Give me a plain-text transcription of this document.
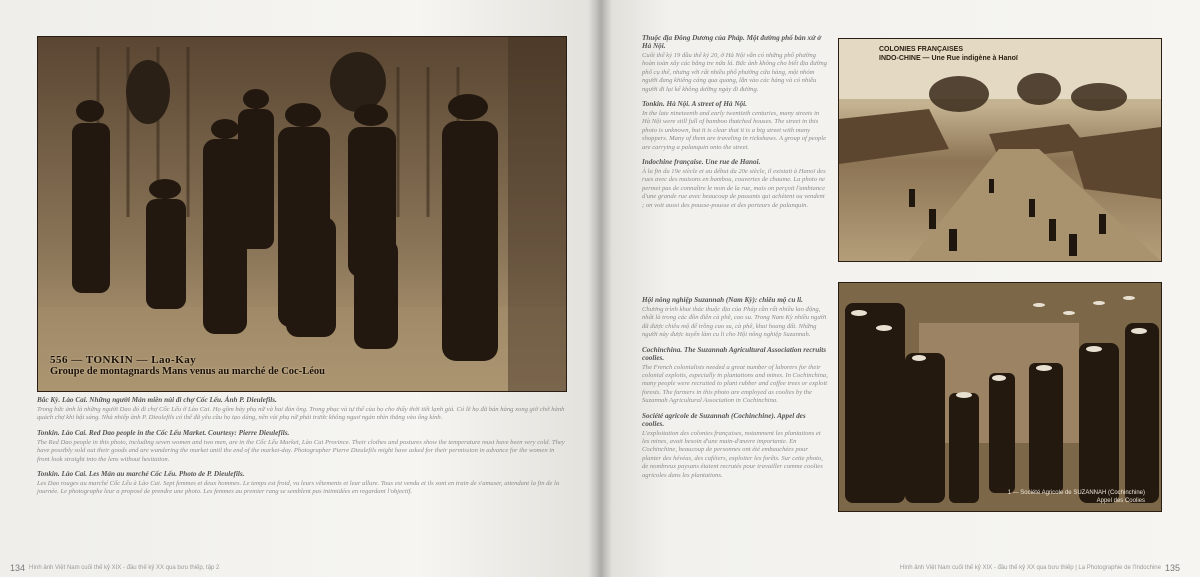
556 — TONKIN — Lao-Kay
Groupe de montagnards Mans venus au marché de Coc-Léou
Bắc Kỳ. Lào Cai. Những người Mán miền núi đi chợ Cốc Lếu. Ảnh P. Dieulefils.

Trong bức ảnh là những người Dao đỏ đi chợ Cốc Lếu ở Lào Cai. Họ gồm bảy phụ nữ và hai đàn ông. Trong phục và tự thể của họ cho thấy thời tiết lạnh giá. Có lẽ họ đã bán hàng xong giờ chờ hành quách chợ khi bật sáng. Nhà nhiếp ảnh P. Dieulefils có thể đã yêu cầu họ tạo dáng, nên vài phụ nữ phải trước không nguơ ngán nhìn thẳng vào ống kính.

Tonkin. Lào Cai. Red Dao people in the Cốc Lếu Market. Courtesy: Pierre Dieulefils.

The Red Dao people in this photo, including seven women and two men, are in the Cốc Lếu Market, Lào Cai Province. Their clothes and postures show the temperature must have been very cold. They have possibly sold out their goods and are wandering the market until the end of the market-day. Photographer Pierre Dieulefils might have asked for their permission in advance for the women in front look straight into the lens without hesitation.

Tonkin. Lào Cai. Les Mán au marché Cốc Lếu. Photo de P. Dieulefils.

Les Dao rouges au marché Cốc Lếu à Lào Cai. Sept femmes et deux hommes. Le temps est froid, vu leurs vêtements et leur allure. Tous est vendu et ils sont en train de s'amuser, attendant la fin de la journée. Le photographe leur a proposé de prendre une photo. Les femmes au premier rang se semblent pas intimidées en regardant l'objectif.

134 Hình ảnh Việt Nam cuối thế kỷ XIX - đầu thế kỷ XX qua bưu thiếp, tập 2
Thuộc địa Đông Dương của Pháp. Một đường phố bản xứ ở Hà Nội.

Cuối thế kỷ 19 đầu thế kỷ 20, ở Hà Nội vẫn có những phố phường hoàn toàn xây các bằng tre nứa lá. Bức ảnh không cho biết địa đường phố cụ thể, nhưng với rất nhiều phố phường cửa hàng, một nhóm người đang khiêng cáng qua quang, lẫn vào các hàng và có nhiều người đi lại kể không dưỡng ngày đi đường.

Tonkin. Hà Nội. A street of Hà Nội.

In the late nineteenth and early twentieth centuries, many streets in Hà Nội were still full of bamboo thatched houses. The street in this photo is unknown, but it is clear that it is a big street with many shoppers. Many of them are traveling in rickshaws. A group of people are carrying a palanquin onto the street.

Indochine française. Une rue de Hanoï.

À la fin du 19e siècle et au début du 20e siècle, il existait à Hanoï des rues avec des maisons en bambou, couvertes de chaume. La photo ne permet pas de connaître le nom de la rue, mais on perçoit l'ambiance d'une grande rue avec beaucoup de passants qui achètent ou vendent ; on voit aussi des pousse-pousse et des porteurs de palanquin.

Hội nông nghiệp Suzannah (Nam Kỳ): chiêu mộ cu li.

Chương trình khai thác thuộc địa của Pháp cần rất nhiều lao động, nhất là trong các đồn điền cà phê, cao su. Trong Nam Kỳ nhiều người đã được chiêu mộ để trồng cao su, cà phê, khai hoang đất. Những người này được tuyển làm cu li cho Hội nông nghiệp Suzannah.

Cochinchina. The Suzannah Agricultural Association recruits coolies.

The French colonialists needed a great number of laborers for their colonial exploits, especially in plantations and mines. In Cochinchina, many people were recruited to plant rubber and coffee trees or exploit forests. The farmers in this photo are employed as coolies by the Suzannah Agricultural Association in Cochinchina.

Société agricole de Suzannah (Cochinchine). Appel des coolies.

L'exploitation des colonies françaises, notamment les plantations et les mines, avait besoin d'une main-d'œuvre importante. En Cochinchine, beaucoup de personnes ont été embauchées pour planter des hévéas, des caféiers, exploiter les forêts. Sur cette photo, de nombreux paysans étaient recrutés pour travailler comme coolies agricoles dans les plantations.

COLONIES FRANÇAISES
INDO-CHINE — Une Rue indigène à Hanoï
1 — Société Agricole de SUZANNAH (Cochinchine)
Appel des Coolies
Hình ảnh Việt Nam cuối thế kỷ XIX - đầu thế kỷ XX qua bưu thiếp | La Photographie de l'Indochine 135
